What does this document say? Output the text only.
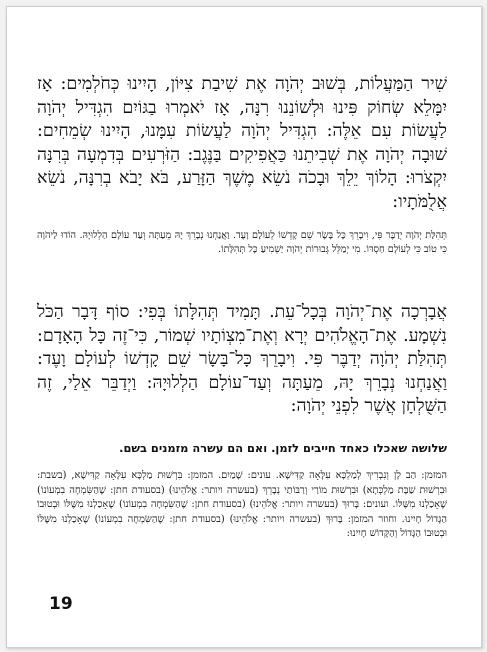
שִׁיר הַמַּעֲלוֹת, בְּשׁוּב יְהֹוָה אֶת שִׁיבַת צִיּוֹן, הָיִינוּ כְּחֹלְמִים: אָז יִמָּלֵא שְׂחוֹק פִּינוּ וּלְשׁוֹנֵנוּ רִנָּה, אָז יֹאמְרוּ בַגּוֹיִם הִגְדִּיל יְהֹוָה לַעֲשׂוֹת עִם אֵלֶּה: הִגְדִּיל יְהֹוָה לַעֲשׂוֹת עִמָּנוּ, הָיִינוּ שְׂמֵחִים: שׁוּבָה יְהֹוָה אֶת שְׁבִיתֵנוּ כַּאֲפִיקִים בַּנֶּגֶב: הַזֹּרְעִים בְּדִמְעָה בְּרִנָּה יִקְצֹרוּ: הָלוֹךְ יֵלֵךְ וּבָכֹה נֹשֵׂא מֶשֶׁךְ הַזָּרַע, בֹּא יָבֹא בְרִנָּה, נֹשֵׂא אֲלֻמֹּתָיו:
תְּהִלַּת יְהֹוָה יְדַבֶּר פִּי, וִיבָרֵךְ כָּל בָּשָׂר שֵׁם קָדְשׁוֹ לְעוֹלָם וָעֶד. וַאֲנַחְנוּ נְבָרֵךְ יָהּ מֵעַתָּה וְעַד עוֹלָם הַלְלוּיָהּ. הוֹדוּ לַיהֹוָה כִּי טוֹב כִּי לְעוֹלָם חַסְדּוֹ. מִי יְמַלֵּל גְּבוּרוֹת יְהֹוָה יַשְׁמִיעַ כָּל תְּהִלָּתוֹ.
אֲבָרְכָה אֶת־יְהֹוָה בְּכָל־עֵת. תָּמִיד תְּהִלָּתוֹ בְּפִי: סוֹף דָּבָר הַכֹּל נִשְׁמָע. אֶת־הָאֱלֹהִים יְרָא וְאֶת־מִצְוֹתָיו שְׁמוֹר, כִּי־זֶה כָּל הָאָדָם: תְּהִלַּת יְהֹוָה יְדַבֶּר פִּי. וִיבָרֵךְ כָּל־בָּשָׂר שֵׁם קָדְשׁוֹ לְעוֹלָם וָעֶד: וַאֲנַחְנוּ נְבָרֵךְ יָהּ, מֵעַתָּה וְעַד־עוֹלָם הַלְלוּיָהּ: וַיְדַבֵּר אֵלַי, זֶה הַשֻּׁלְחָן אֲשֶׁר לִפְנֵי יְהֹוָה:
שלושה שאכלו כאחד חייבים לזמן. ואם הם עשרה מזמנים בשם.
המזמן: הַב לָן וְנִבְרִיךְ לְמַלְכָּא עִלָּאָה קַדִּישָׁא. עונים: שָׁמַיִם. המזמן: בִּרְשׁוּת מַלְכָּא עִלָּאָה קַדִּישָׁא, (בשבת: וּבִרְשׁוּת שַׁבָּת מַלְכְּתָא) וּבִרְשׁוּת מוֹרַי וְרַבּוֹתַי נְבָרֵךְ (בעשרה ויותר: אֱלֹהֵינוּ) (בסעודת חתן: שֶׁהַשִּׂמְחָה בִמְעוֹנוֹ) שֶׁאָכַלְנוּ מִשֶּׁלּוֹ. ועונים: בָּרוּךְ (בעשרה ויותר: אֱלֹהֵינוּ) (בסעודת חתן: שֶׁהַשִּׂמְחָה בִמְעוֹנוֹ) שֶׁאָכַלְנוּ מִשֶּׁלּוֹ וּבְטוּבוֹ הַגָּדוֹל חָיִינוּ. וחוזר המזמן: בָּרוּךְ (בעשרה ויותר: אֱלֹהֵינוּ) (בסעודת חתן: שֶׁהַשִּׂמְחָה בִמְעוֹנוֹ) שֶׁאָכַלְנוּ מִשֶּׁלּוֹ וּבְטוּבוֹ הַגָּדוֹל וְהַקָּדוֹשׁ חָיִינוּ:
19
